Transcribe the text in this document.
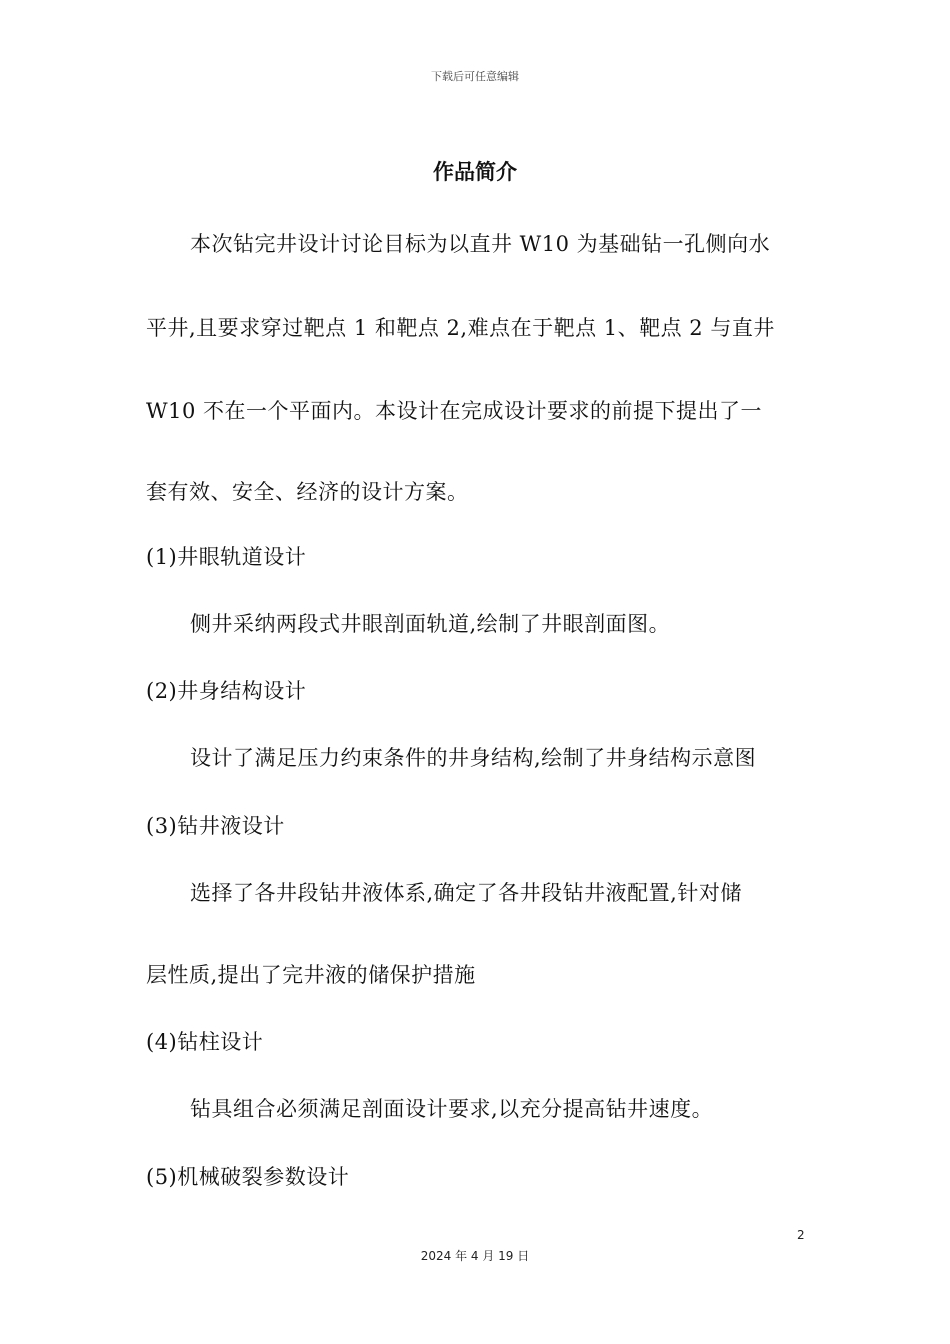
下载后可任意编辑
作品简介
本次钻完井设计讨论目标为以直井 W10 为基础钻一孔侧向水
平井,且要求穿过靶点 1 和靶点 2,难点在于靶点 1、靶点 2 与直井
W10 不在一个平面内。本设计在完成设计要求的前提下提出了一
套有效、安全、经济的设计方案。
(1)井眼轨道设计
侧井采纳两段式井眼剖面轨道,绘制了井眼剖面图。
(2)井身结构设计
设计了满足压力约束条件的井身结构,绘制了井身结构示意图
(3)钻井液设计
选择了各井段钻井液体系,确定了各井段钻井液配置,针对储
层性质,提出了完井液的储保护措施
(4)钻柱设计
钻具组合必须满足剖面设计要求,以充分提高钻井速度。
(5)机械破裂参数设计
2
2024 年 4 月 19 日
